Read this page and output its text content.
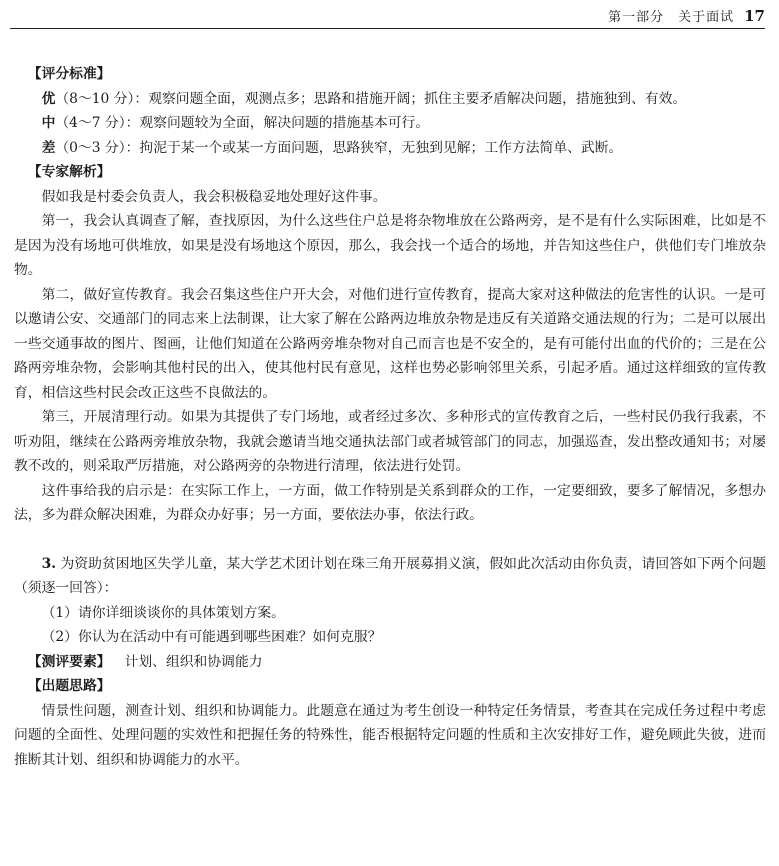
第一部分　关于面试 17

【评分标准】

优（8～10 分）：观察问题全面，观测点多；思路和措施开阔；抓住主要矛盾解决问题，措施独到、有效。

中（4～7 分）：观察问题较为全面，解决问题的措施基本可行。

差（0～3 分）：拘泥于某一个或某一方面问题，思路狭窄，无独到见解；工作方法简单、武断。

【专家解析】

假如我是村委会负责人，我会积极稳妥地处理好这件事。

第一，我会认真调查了解，查找原因，为什么这些住户总是将杂物堆放在公路两旁，是不是有什么实际困难，比如是不是因为没有场地可供堆放，如果是没有场地这个原因，那么，我会找一个适合的场地，并告知这些住户，供他们专门堆放杂物。

第二，做好宣传教育。我会召集这些住户开大会，对他们进行宣传教育，提高大家对这种做法的危害性的认识。一是可以邀请公安、交通部门的同志来上法制课，让大家了解在公路两边堆放杂物是违反有关道路交通法规的行为；二是可以展出一些交通事故的图片、图画，让他们知道在公路两旁堆杂物对自己而言也是不安全的，是有可能付出血的代价的；三是在公路两旁堆杂物，会影响其他村民的出入，使其他村民有意见，这样也势必影响邻里关系，引起矛盾。通过这样细致的宣传教育，相信这些村民会改正这些不良做法的。

第三，开展清理行动。如果为其提供了专门场地，或者经过多次、多种形式的宣传教育之后，一些村民仍我行我素，不听劝阻，继续在公路两旁堆放杂物，我就会邀请当地交通执法部门或者城管部门的同志，加强巡查，发出整改通知书；对屡教不改的，则采取严厉措施，对公路两旁的杂物进行清理，依法进行处罚。

这件事给我的启示是：在实际工作上，一方面，做工作特别是关系到群众的工作，一定要细致，要多了解情况，多想办法，多为群众解决困难，为群众办好事；另一方面，要依法办事，依法行政。

3. 为资助贫困地区失学儿童，某大学艺术团计划在珠三角开展募捐义演，假如此次活动由你负责，请回答如下两个问题（须逐一回答）：

（1）请你详细谈谈你的具体策划方案。

（2）你认为在活动中有可能遇到哪些困难？如何克服？

【测评要素】 计划、组织和协调能力

【出题思路】

情景性问题，测查计划、组织和协调能力。此题意在通过为考生创设一种特定任务情景，考查其在完成任务过程中考虑问题的全面性、处理问题的实效性和把握任务的特殊性，能否根据特定问题的性质和主次安排好工作，避免顾此失彼，进而推断其计划、组织和协调能力的水平。
